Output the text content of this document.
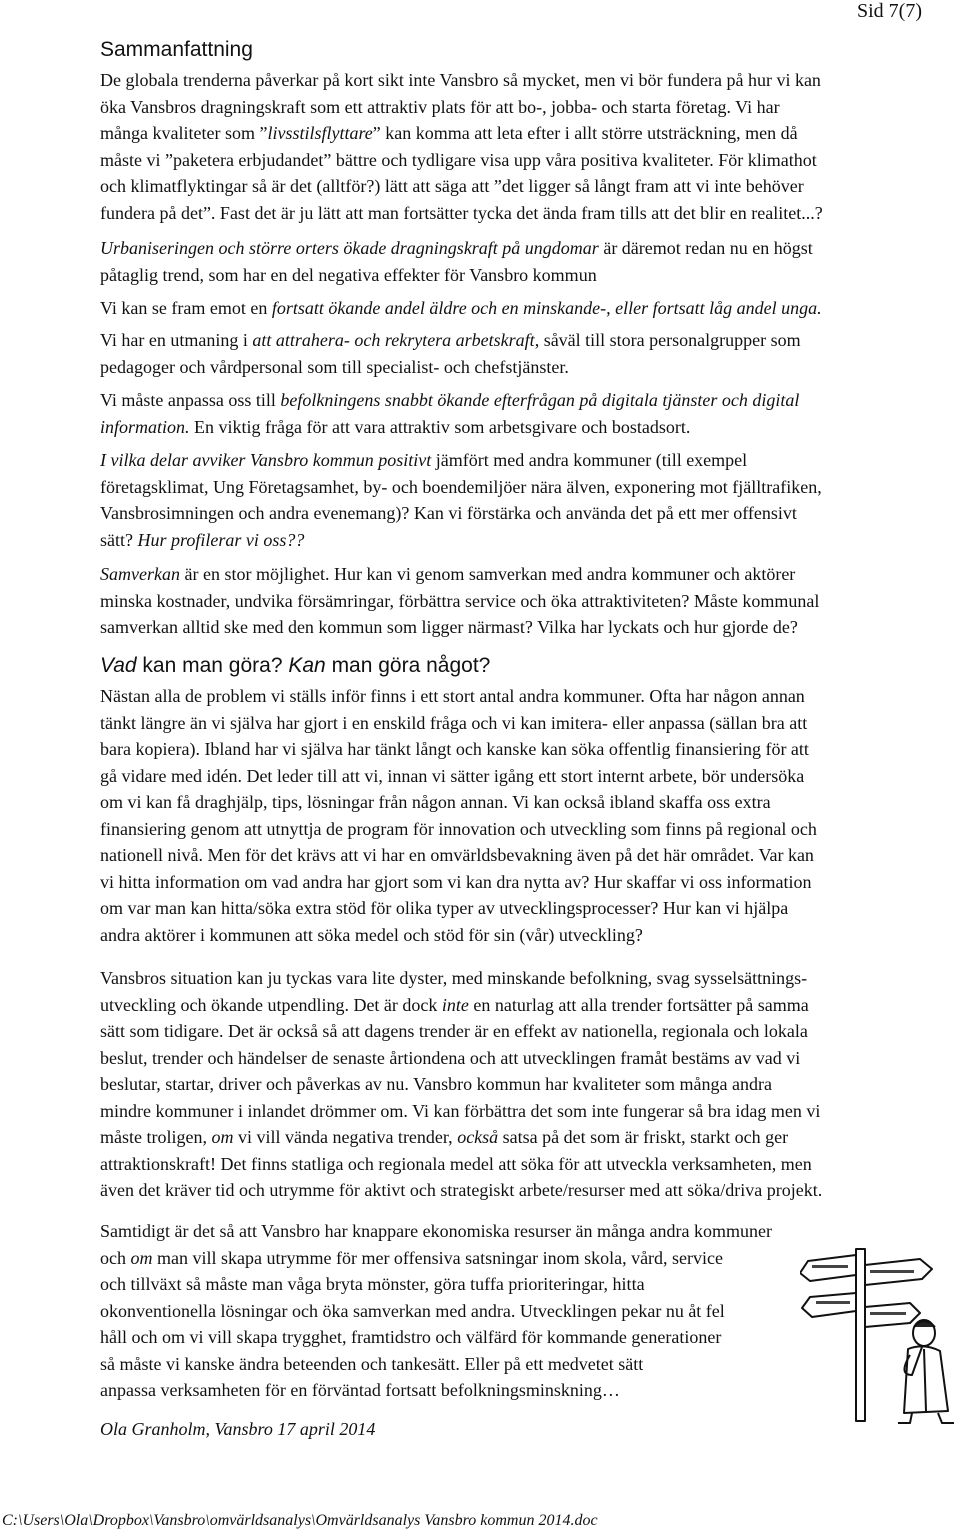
Sid 7(7)
Sammanfattning
De globala trenderna påverkar på kort sikt inte Vansbro så mycket, men vi bör fundera på hur vi kan
öka Vansbros dragningskraft som ett attraktiv plats för att bo-, jobba- och starta företag. Vi har
många kvaliteter som ”livsstilsflyttare” kan komma att leta efter i allt större utsträckning, men då
måste vi ”paketera erbjudandet” bättre och tydligare visa upp våra positiva kvaliteter. För klimathot
och klimatflyktingar så är det (alltför?) lätt att säga att ”det ligger så långt fram att vi inte behöver
fundera på det”. Fast det är ju lätt att man fortsätter tycka det ända fram tills att det blir en realitet...?
Urbaniseringen och större orters ökade dragningskraft på ungdomar är däremot redan nu en högst
påtaglig trend, som har en del negativa effekter för Vansbro kommun
Vi kan se fram emot en fortsatt ökande andel äldre och en minskande-, eller fortsatt låg andel unga.
Vi har en utmaning i att attrahera- och rekrytera arbetskraft, såväl till stora personalgrupper som
pedagoger och vårdpersonal som till specialist- och chefstjänster.
Vi måste anpassa oss till befolkningens snabbt ökande efterfrågan på digitala tjänster och digital
information. En viktig fråga för att vara attraktiv som arbetsgivare och bostadsort.
I vilka delar avviker Vansbro kommun positivt jämfört med andra kommuner (till exempel
företagsklimat, Ung Företagsamhet, by- och boendemiljöer nära älven, exponering mot fjälltrafiken,
Vansbrosimningen och andra evenemang)? Kan vi förstärka och använda det på ett mer offensivt
sätt? Hur profilerar vi oss??
Samverkan är en stor möjlighet. Hur kan vi genom samverkan med andra kommuner och aktörer
minska kostnader, undvika försämringar, förbättra service och öka attraktiviteten? Måste kommunal
samverkan alltid ske med den kommun som ligger närmast? Vilka har lyckats och hur gjorde de?
Vad kan man göra? Kan man göra något?
Nästan alla de problem vi ställs inför finns i ett stort antal andra kommuner. Ofta har någon annan
tänkt längre än vi själva har gjort i en enskild fråga och vi kan imitera- eller anpassa (sällan bra att
bara kopiera). Ibland har vi själva har tänkt långt och kanske kan söka offentlig finansiering för att
gå vidare med idén. Det leder till att vi, innan vi sätter igång ett stort internt arbete, bör undersöka
om vi kan få draghjälp, tips, lösningar från någon annan. Vi kan också ibland skaffa oss extra
finansiering genom att utnyttja de program för innovation och utveckling som finns på regional och
nationell nivå. Men för det krävs att vi har en omvärldsbevakning även på det här området. Var kan
vi hitta information om vad andra har gjort som vi kan dra nytta av? Hur skaffar vi oss information
om var man kan hitta/söka extra stöd för olika typer av utvecklingsprocesser? Hur kan vi hjälpa
andra aktörer i kommunen att söka medel och stöd för sin (vår) utveckling?
Vansbros situation kan ju tyckas vara lite dyster, med minskande befolkning, svag sysselsättnings-
utveckling och ökande utpendling. Det är dock inte en naturlag att alla trender fortsätter på samma
sätt som tidigare. Det är också så att dagens trender är en effekt av nationella, regionala och lokala
beslut, trender och händelser de senaste årtiondena och att utvecklingen framåt bestäms av vad vi
beslutar, startar, driver och påverkas av nu. Vansbro kommun har kvaliteter som många andra
mindre kommuner i inlandet drömmer om. Vi kan förbättra det som inte fungerar så bra idag men vi
måste troligen, om vi vill vända negativa trender, också satsa på det som är friskt, starkt och ger
attraktionskraft! Det finns statliga och regionala medel att söka för att utveckla verksamheten, men
även det kräver tid och utrymme för aktivt och strategiskt arbete/resurser med att söka/driva projekt.
Samtidigt är det så att Vansbro har knappare ekonomiska resurser än många andra kommuner
och om man vill skapa utrymme för mer offensiva satsningar inom skola, vård, service
och tillväxt så måste man våga bryta mönster, göra tuffa prioriteringar, hitta
okonventionella lösningar och öka samverkan med andra. Utvecklingen pekar nu åt fel
håll och om vi vill skapa trygghet, framtidstro och välfärd för kommande generationer
så måste vi kanske ändra beteenden och tankesätt. Eller på ett medvetet sätt
anpassa verksamheten för en förväntad fortsatt befolkningsminskning…
Ola Granholm, Vansbro 17 april 2014
C:\Users\Ola\Dropbox\Vansbro\omvärldsanalys\Omvärldsanalys Vansbro kommun 2014.doc
